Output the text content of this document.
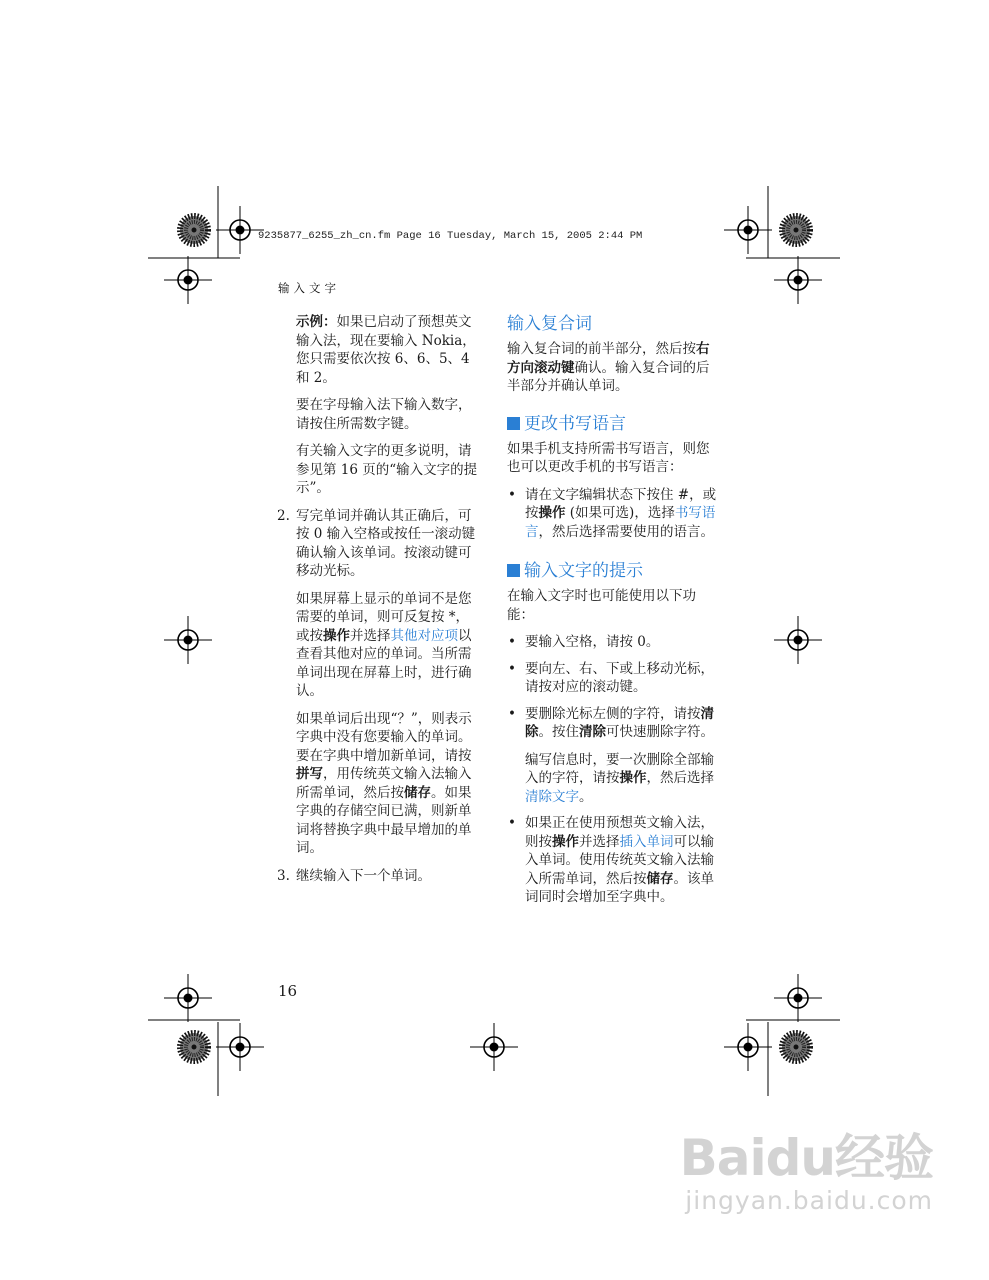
9235877_6255_zh_cn.fm Page 16 Tuesday, March 15, 2005 2:44 PM
输入文字

示例：如果已启动了预想英文输入法，现在要输入 Nokia，您只需要依次按 6、6、5、4 和 2。

要在字母输入法下输入数字，请按住所需数字键。

有关输入文字的更多说明，请参见第 16 页的“输入文字的提示”。

2. 写完单词并确认其正确后，可按 0 输入空格或按任一滚动键确认输入该单词。按滚动键可移动光标。

如果屏幕上显示的单词不是您需要的单词，则可反复按 *，或按操作并选择其他对应项以查看其他对应的单词。当所需单词出现在屏幕上时，进行确认。

如果单词后出现“？”，则表示字典中没有您要输入的单词。要在字典中增加新单词，请按拼写，用传统英文输入法输入所需单词，然后按储存。如果字典的存储空间已满，则新单词将替换字典中最早增加的单词。

3. 继续输入下一个单词。
输入复合词

输入复合词的前半部分，然后按右方向滚动键确认。输入复合词的后半部分并确认单词。

更改书写语言

如果手机支持所需书写语言，则您也可以更改手机的书写语言：

• 请在文字编辑状态下按住 #，或按操作 (如果可选)，选择书写语言，然后选择需要使用的语言。
输入文字的提示

在输入文字时也可能使用以下功能：

• 要输入空格，请按 0。
• 要向左、右、下或上移动光标，请按对应的滚动键。
• 要删除光标左侧的字符，请按清除。按住清除可快速删除字符。
编写信息时，要一次删除全部输入的字符，请按操作，然后选择清除文字。
• 如果正在使用预想英文输入法，则按操作并选择插入单词可以输入单词。使用传统英文输入法输入所需单词，然后按储存。该单词同时会增加至字典中。
16
Baidu经验
jingyan.baidu.com
